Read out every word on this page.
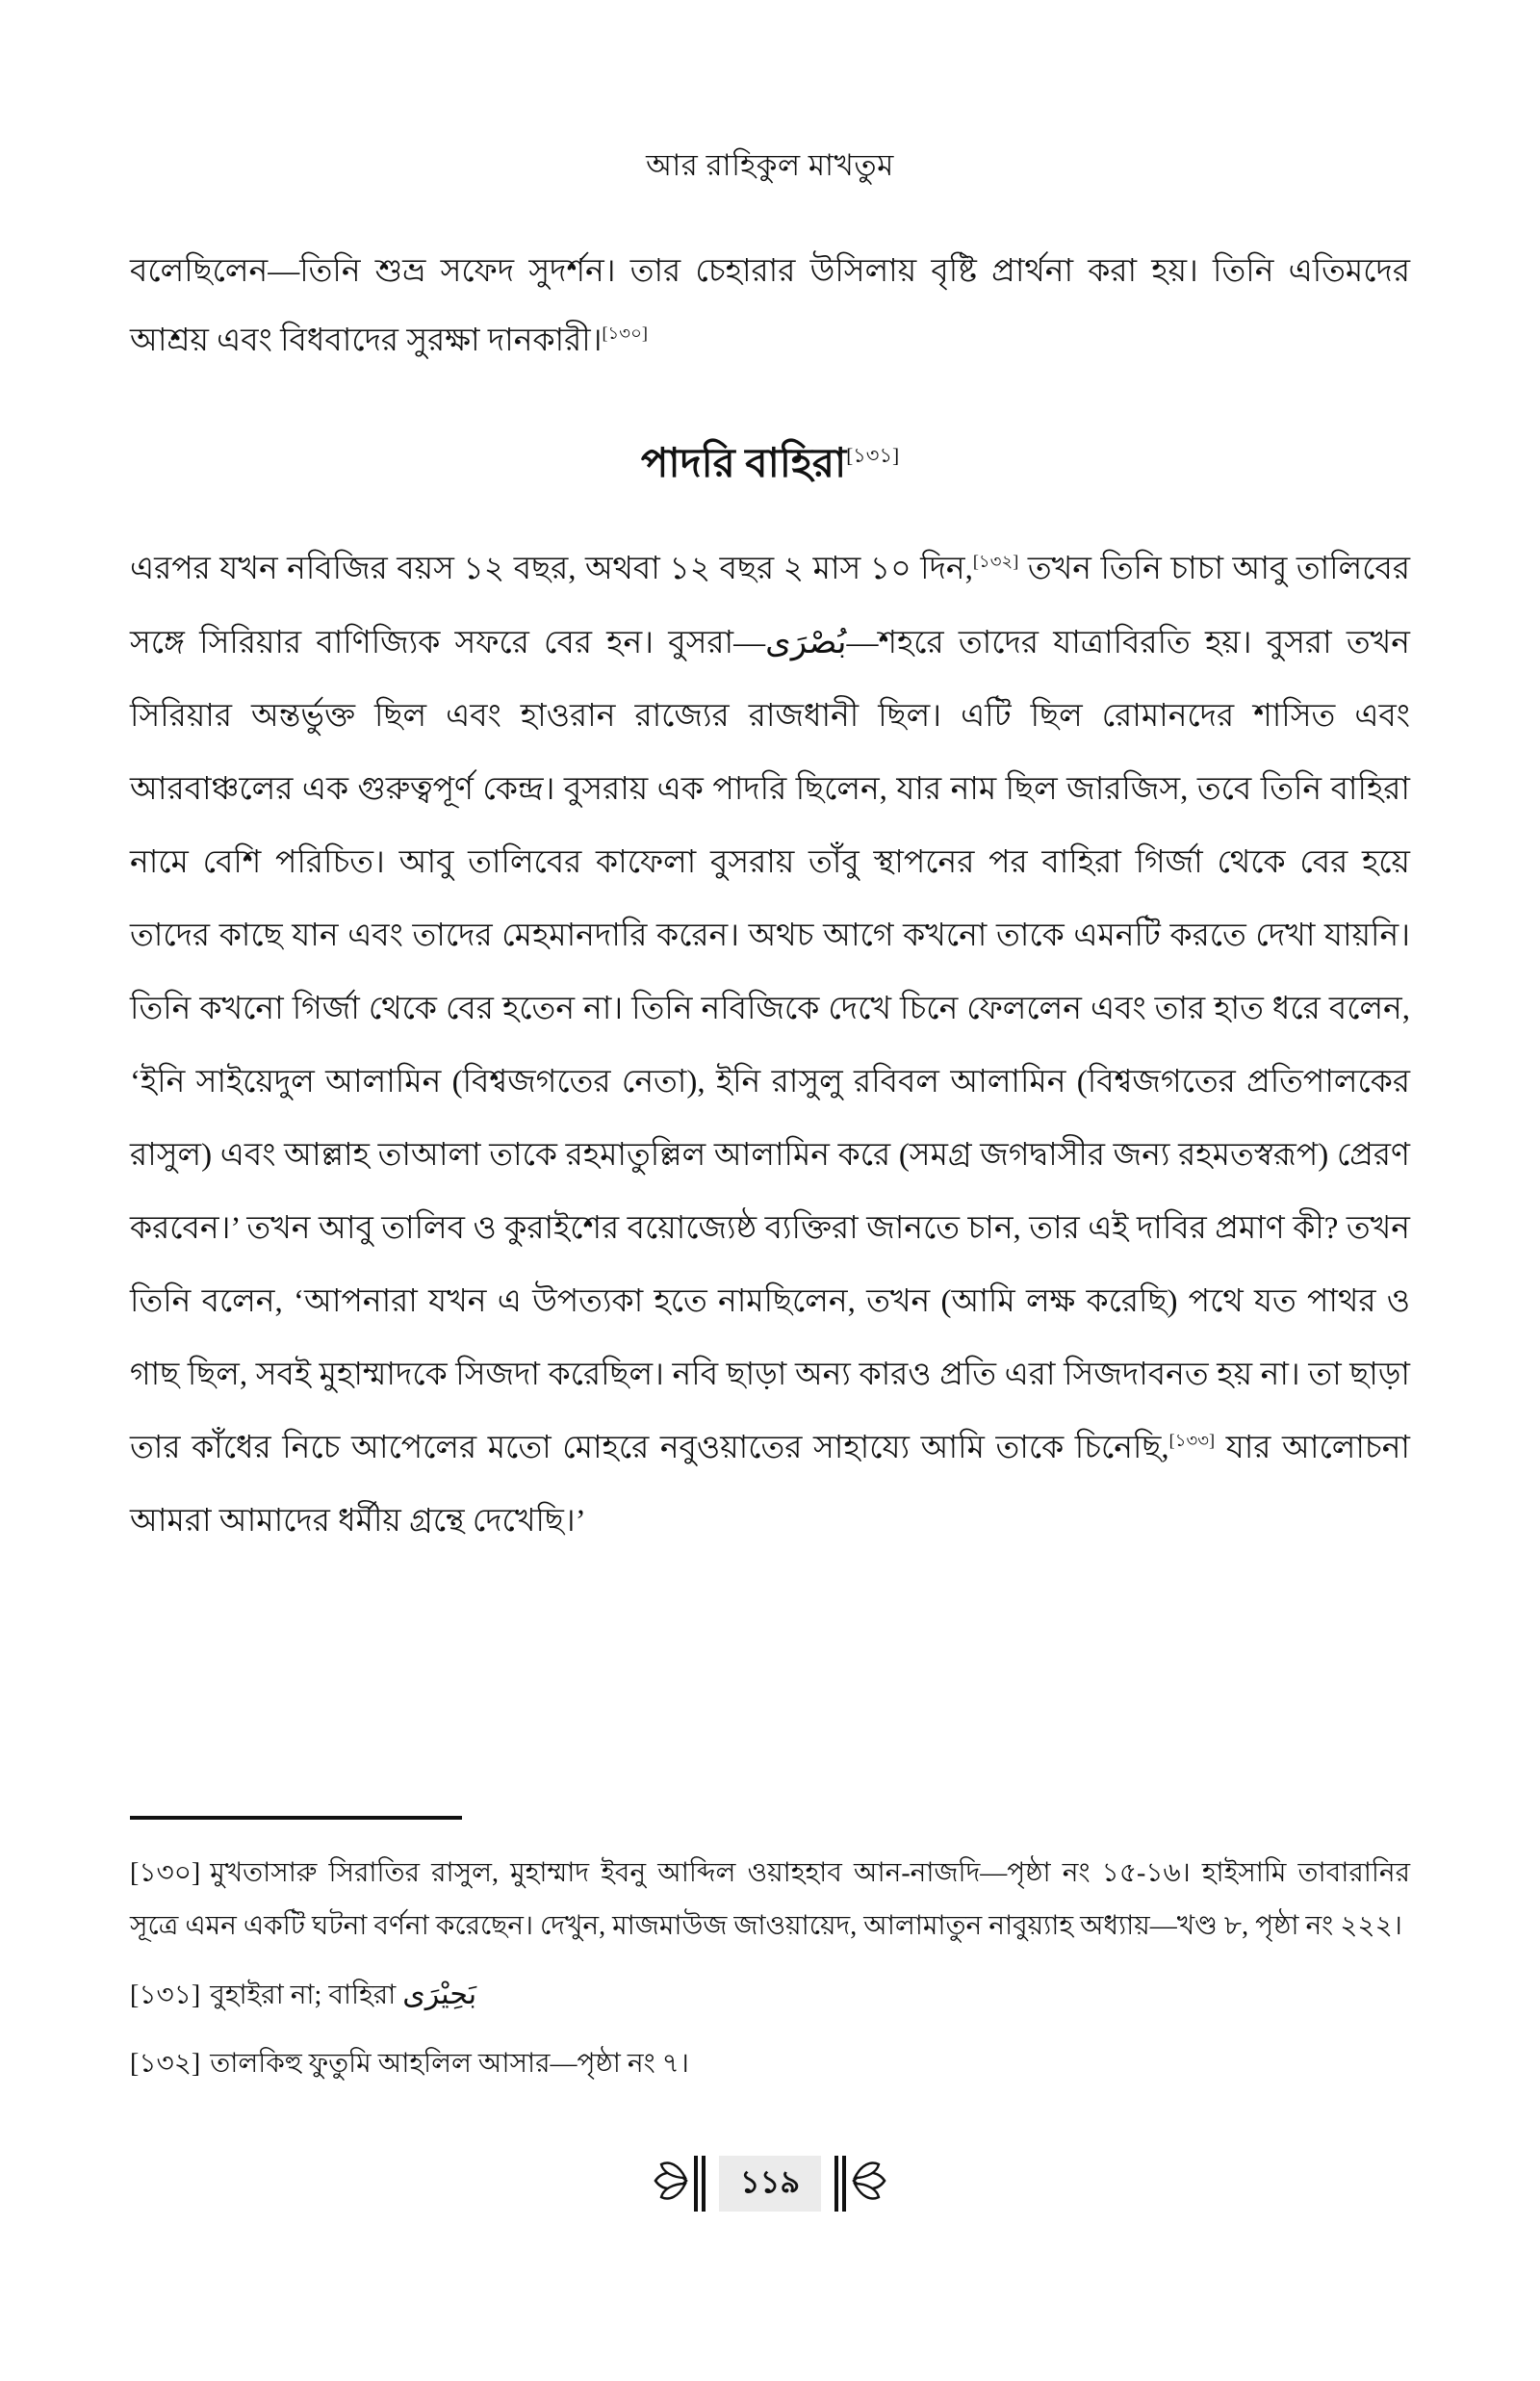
আর রাহিকুল মাখতুম

বলেছিলেন—তিনি শুভ্র সফেদ সুদর্শন। তার চেহারার উসিলায় বৃষ্টি প্রার্থনা করা হয়। তিনি এতিমদের আশ্রয় এবং বিধবাদের সুরক্ষা দানকারী।[১৩০]

পাদরি বাহিরা[১৩১]

এরপর যখন নবিজির বয়স ১২ বছর, অথবা ১২ বছর ২ মাস ১০ দিন,[১৩২] তখন তিনি চাচা আবু তালিবের সঙ্গে সিরিয়ার বাণিজ্যিক সফরে বের হন। বুসরা—بُصْرَى—শহরে তাদের যাত্রাবিরতি হয়। বুসরা তখন সিরিয়ার অন্তর্ভুক্ত ছিল এবং হাওরান রাজ্যের রাজধানী ছিল। এটি ছিল রোমানদের শাসিত এবং আরবাঞ্চলের এক গুরুত্বপূর্ণ কেন্দ্র। বুসরায় এক পাদরি ছিলেন, যার নাম ছিল জারজিস, তবে তিনি বাহিরা নামে বেশি পরিচিত। আবু তালিবের কাফেলা বুসরায় তাঁবু স্থাপনের পর বাহিরা গির্জা থেকে বের হয়ে তাদের কাছে যান এবং তাদের মেহমানদারি করেন। অথচ আগে কখনো তাকে এমনটি করতে দেখা যায়নি। তিনি কখনো গির্জা থেকে বের হতেন না। তিনি নবিজিকে দেখে চিনে ফেললেন এবং তার হাত ধরে বলেন, ‘ইনি সাইয়েদুল আলামিন (বিশ্বজগতের নেতা), ইনি রাসুলু রবিবল আলামিন (বিশ্বজগতের প্রতিপালকের রাসুল) এবং আল্লাহ তাআলা তাকে রহমাতুল্লিল আলামিন করে (সমগ্র জগদ্বাসীর জন্য রহমতস্বরূপ) প্রেরণ করবেন।’ তখন আবু তালিব ও কুরাইশের বয়োজ্যেষ্ঠ ব্যক্তিরা জানতে চান, তার এই দাবির প্রমাণ কী? তখন তিনি বলেন, ‘আপনারা যখন এ উপত্যকা হতে নামছিলেন, তখন (আমি লক্ষ করেছি) পথে যত পাথর ও গাছ ছিল, সবই মুহাম্মাদকে সিজদা করেছিল। নবি ছাড়া অন্য কারও প্রতি এরা সিজদাবনত হয় না। তা ছাড়া তার কাঁধের নিচে আপেলের মতো মোহরে নবুওয়াতের সাহায্যে আমি তাকে চিনেছি,[১৩৩] যার আলোচনা আমরা আমাদের ধর্মীয় গ্রন্থে দেখেছি।’

[১৩০] মুখতাসারু সিরাতির রাসুল, মুহাম্মাদ ইবনু আব্দিল ওয়াহহাব আন-নাজদি—পৃষ্ঠা নং ১৫-১৬। হাইসামি তাবারানির সূত্রে এমন একটি ঘটনা বর্ণনা করেছেন। দেখুন, মাজমাউজ জাওয়ায়েদ, আলামাতুন নাবুয়্যাহ অধ্যায়—খণ্ড ৮, পৃষ্ঠা নং ২২২।

[১৩১] বুহাইরা না; বাহিরা بَحِيْرَى

[১৩২] তালকিহু ফুতুমি আহলিল আসার—পৃষ্ঠা নং ৭।

১১৯
